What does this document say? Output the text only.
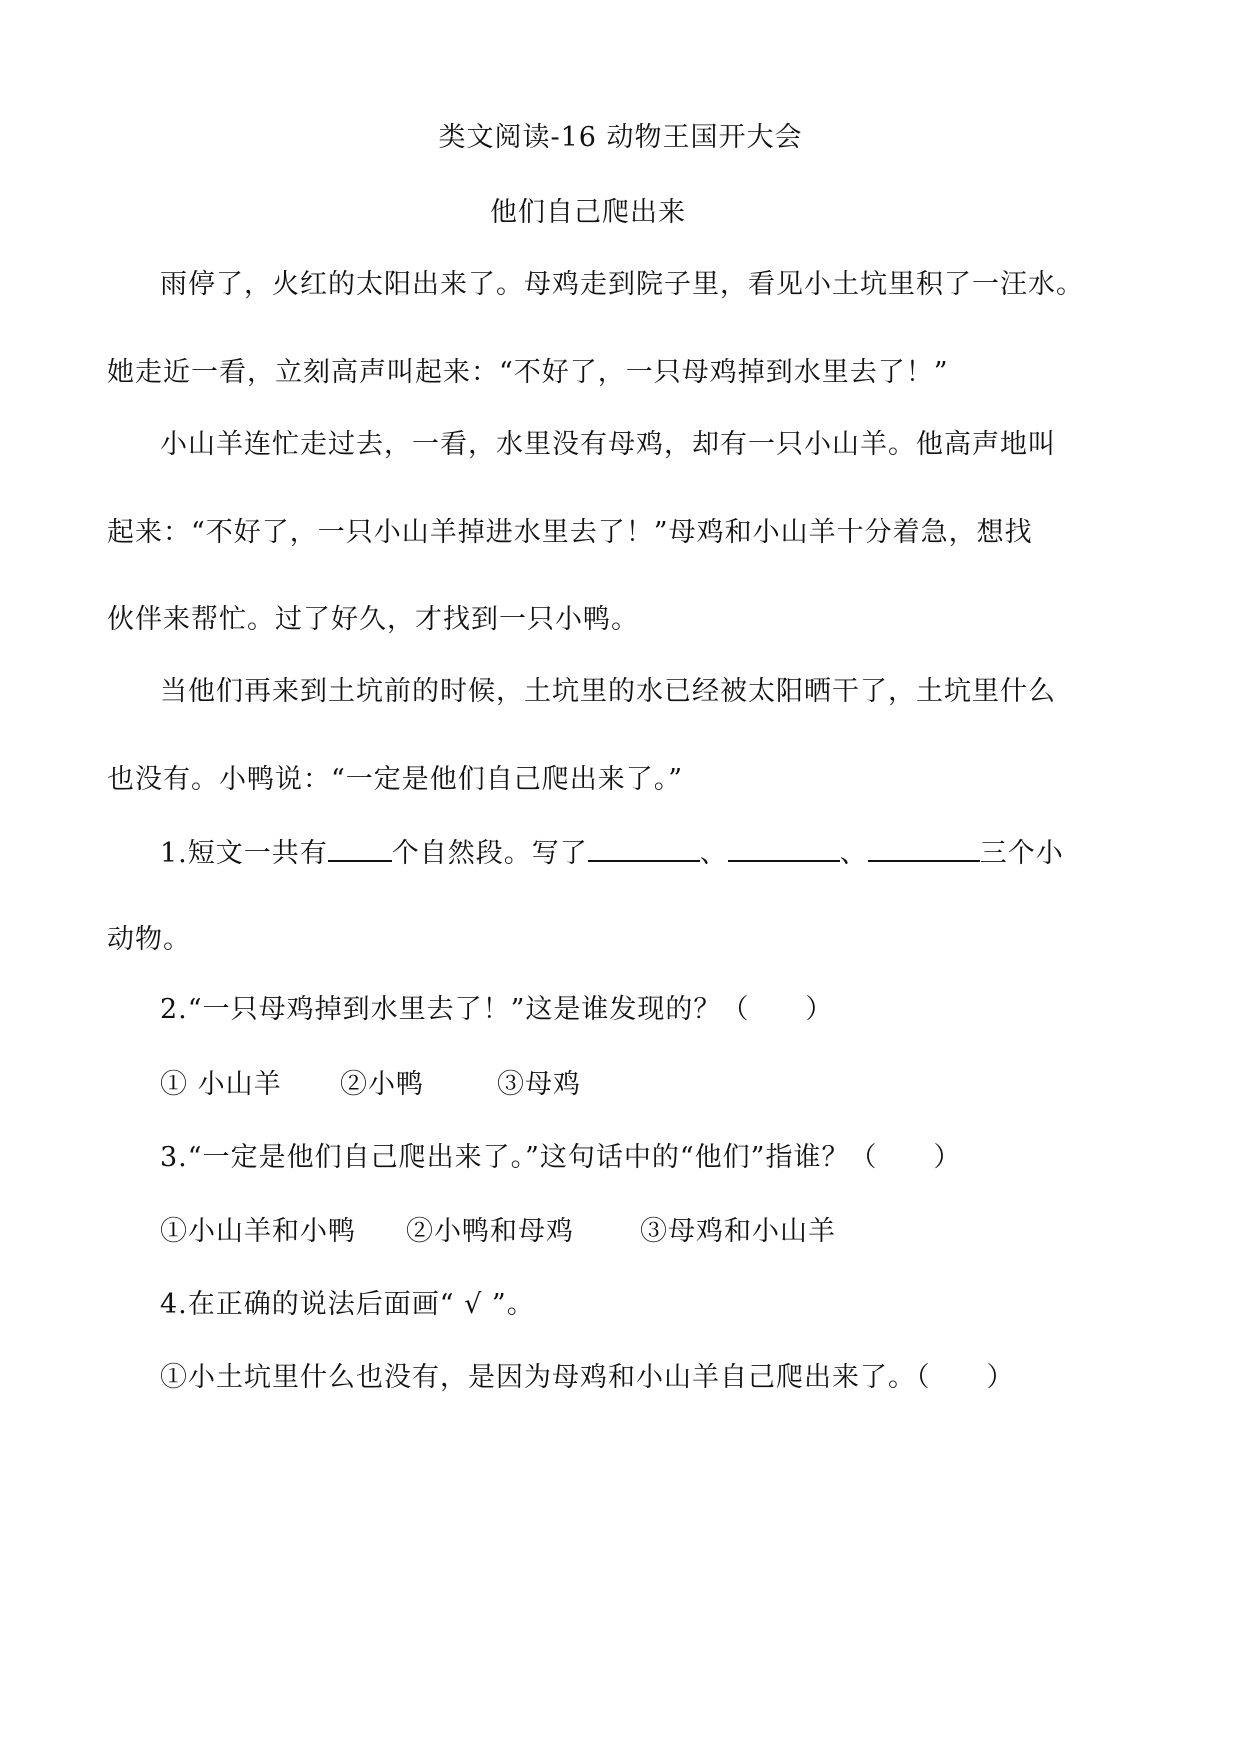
类文阅读-16 动物王国开大会
他们自己爬出来
雨停了，火红的太阳出来了。母鸡走到院子里，看见小土坑里积了一汪水。
她走近一看，立刻高声叫起来：“不好了，一只母鸡掉到水里去了！”
小山羊连忙走过去，一看，水里没有母鸡，却有一只小山羊。他高声地叫
起来：“不好了，一只小山羊掉进水里去了！”母鸡和小山羊十分着急，想找
伙伴来帮忙。过了好久，才找到一只小鸭。
当他们再来到土坑前的时候，土坑里的水已经被太阳晒干了，土坑里什么
也没有。小鸭说：“一定是他们自己爬出来了。”
1.短文一共有 个自然段。写了	、	、	三个小
动物。
2.“一只母鸡掉到水里去了！”这是谁发现的？（　　）
① 小山羊 ②小鸭	③母鸡
3.“一定是他们自己爬出来了。”这句话中的“他们”指谁？（　　）
①小山羊和小鸭 ②小鸭和母鸡 ③母鸡和小山羊
4.在正确的说法后面画“ √ ”。
①小土坑里什么也没有，是因为母鸡和小山羊自己爬出来了。（　　）
